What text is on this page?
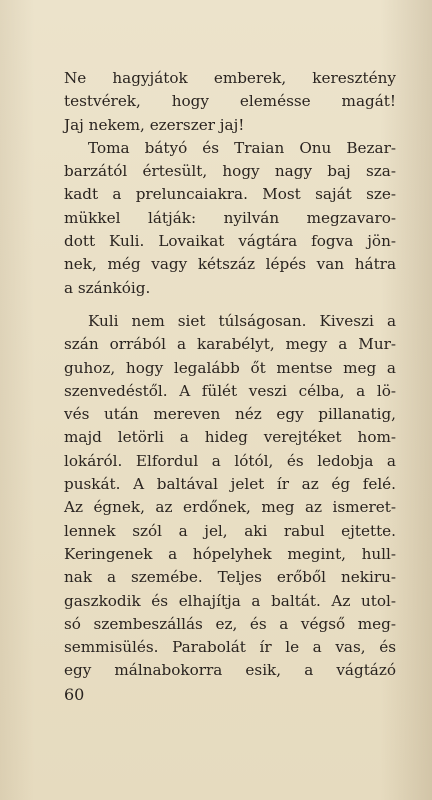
Ne hagyjátok emberek, keresztény
testvérek, hogy elemésse magát!
Jaj nekem, ezerszer jaj!
Toma bátyó és Traian Onu Bezar-
barzától értesült, hogy nagy baj sza-
kadt a preluncaiakra. Most saját sze-
mükkel látják: nyilván megzavaro-
dott Kuli. Lovaikat vágtára fogva jön-
nek, még vagy kétszáz lépés van hátra
a szánkóig.
Kuli nem siet túlságosan. Kiveszi a
szán orrából a karabélyt, megy a Mur-
guhoz, hogy legalább őt mentse meg a
szenvedéstől. A fülét veszi célba, a lö-
vés után mereven néz egy pillanatig,
majd letörli a hideg verejtéket hom-
lokáról. Elfordul a lótól, és ledobja a
puskát. A baltával jelet ír az ég felé.
Az égnek, az erdőnek, meg az ismeret-
lennek szól a jel, aki rabul ejtette.
Keringenek a hópelyhek megint, hull-
nak a szemébe. Teljes erőből nekiru-
gaszkodik és elhajítja a baltát. Az utol-
só szembeszállás ez, és a végső meg-
semmisülés. Parabolát ír le a vas, és
egy málnabokorra esik, a vágtázó
60
